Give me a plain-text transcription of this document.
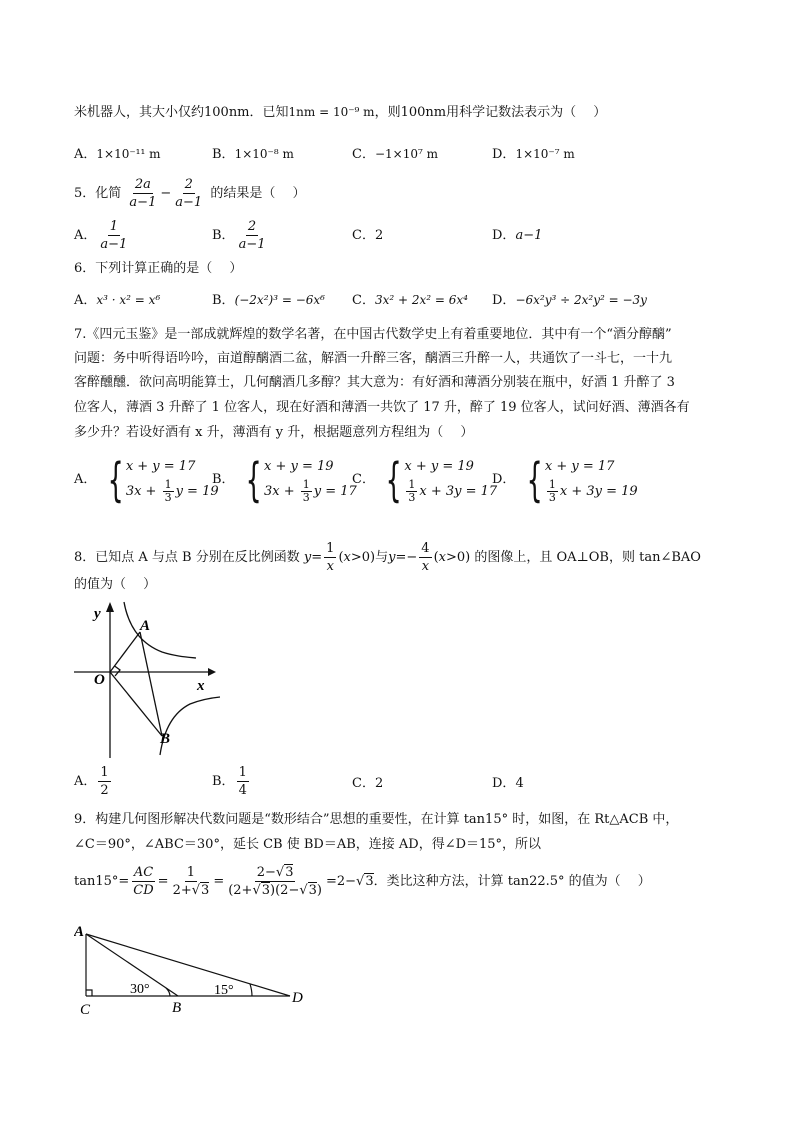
米机器人，其大小仅约100nm．已知1nm = 10⁻⁹ m，则100nm用科学记数法表示为（　 ）
A．1×10⁻¹¹ m	B．1×10⁻⁸ m	C．−1×10⁷ m	D．1×10⁻⁷ m
5．化简 $\frac{2a}{a-1} - \frac{2}{a-1}$ 的结果是（　 ）
A． $\frac{1}{a-1}$	B． $\frac{2}{a-1}$	C．2	D．a−1
6．下列计算正确的是（　 ）
A．x³ · x² = x⁶	B．(−2x²)³ = −6x⁶ C．3x² + 2x² = 6x⁴ D．−6x²y³ ÷ 2x²y² = −3y
7.《四元玉鉴》是一部成就辉煌的数学名著，在中国古代数学史上有着重要地位．其中有一个“酒分醇醨”
问题：务中听得语吟吟，亩道醇醨酒二盆，解酒一升醉三客，醨酒三升醉一人，共通饮了一斗七，一十九
客醉醺醺．欲问高明能算士，几何醨酒几多醇？其大意为：有好酒和薄酒分别装在瓶中，好酒 1 升醉了 3
位客人，薄酒 3 升醉了 1 位客人，现在好酒和薄酒一共饮了 17 升，醉了 19 位客人，试问好酒、薄酒各有
多少升？若设好酒有 x 升，薄酒有 y 升，根据题意列方程组为（　 ）
A． { x + y = 17
$3x + \frac{1}{3}$ y = 19
B． { x + y = 19
$3x + \frac{1}{3}$ y = 17
C． { x + y = 19
$\frac{1}{3}$ x + 3y = 17
D． { x + y = 17
$\frac{1}{3}$ x + 3y = 19
8．已知点 A 与点 B 分别在反比例函数 $y= \frac{1}{x} (x>0)$与$y=- \frac{4}{x} (x>0)$ 的图像上，且 OA⊥OB，则 tan∠BAO
的值为（　 ）
y
x
O
A
B
A． $\frac{1}{2}$	B． $\frac{1}{4}$	C．2	D．4
9．构建几何图形解决代数问题是“数形结合”思想的重要性，在计算 tan15° 时，如图，在 Rt△ACB 中，
∠C＝90°，∠ABC＝30°，延长 CB 使 BD＝AB，连接 AD，得∠D＝15°，所以
$\tan 15^\circ= \frac{AC}{CD} = \frac{1}{2+√3} = \frac{2-√3}{(2+√3)(2-√3)} =2-√3$．类比这种方法，计算 tan22.5° 的值为（　 ）
A
C	B
D
30°	15°
